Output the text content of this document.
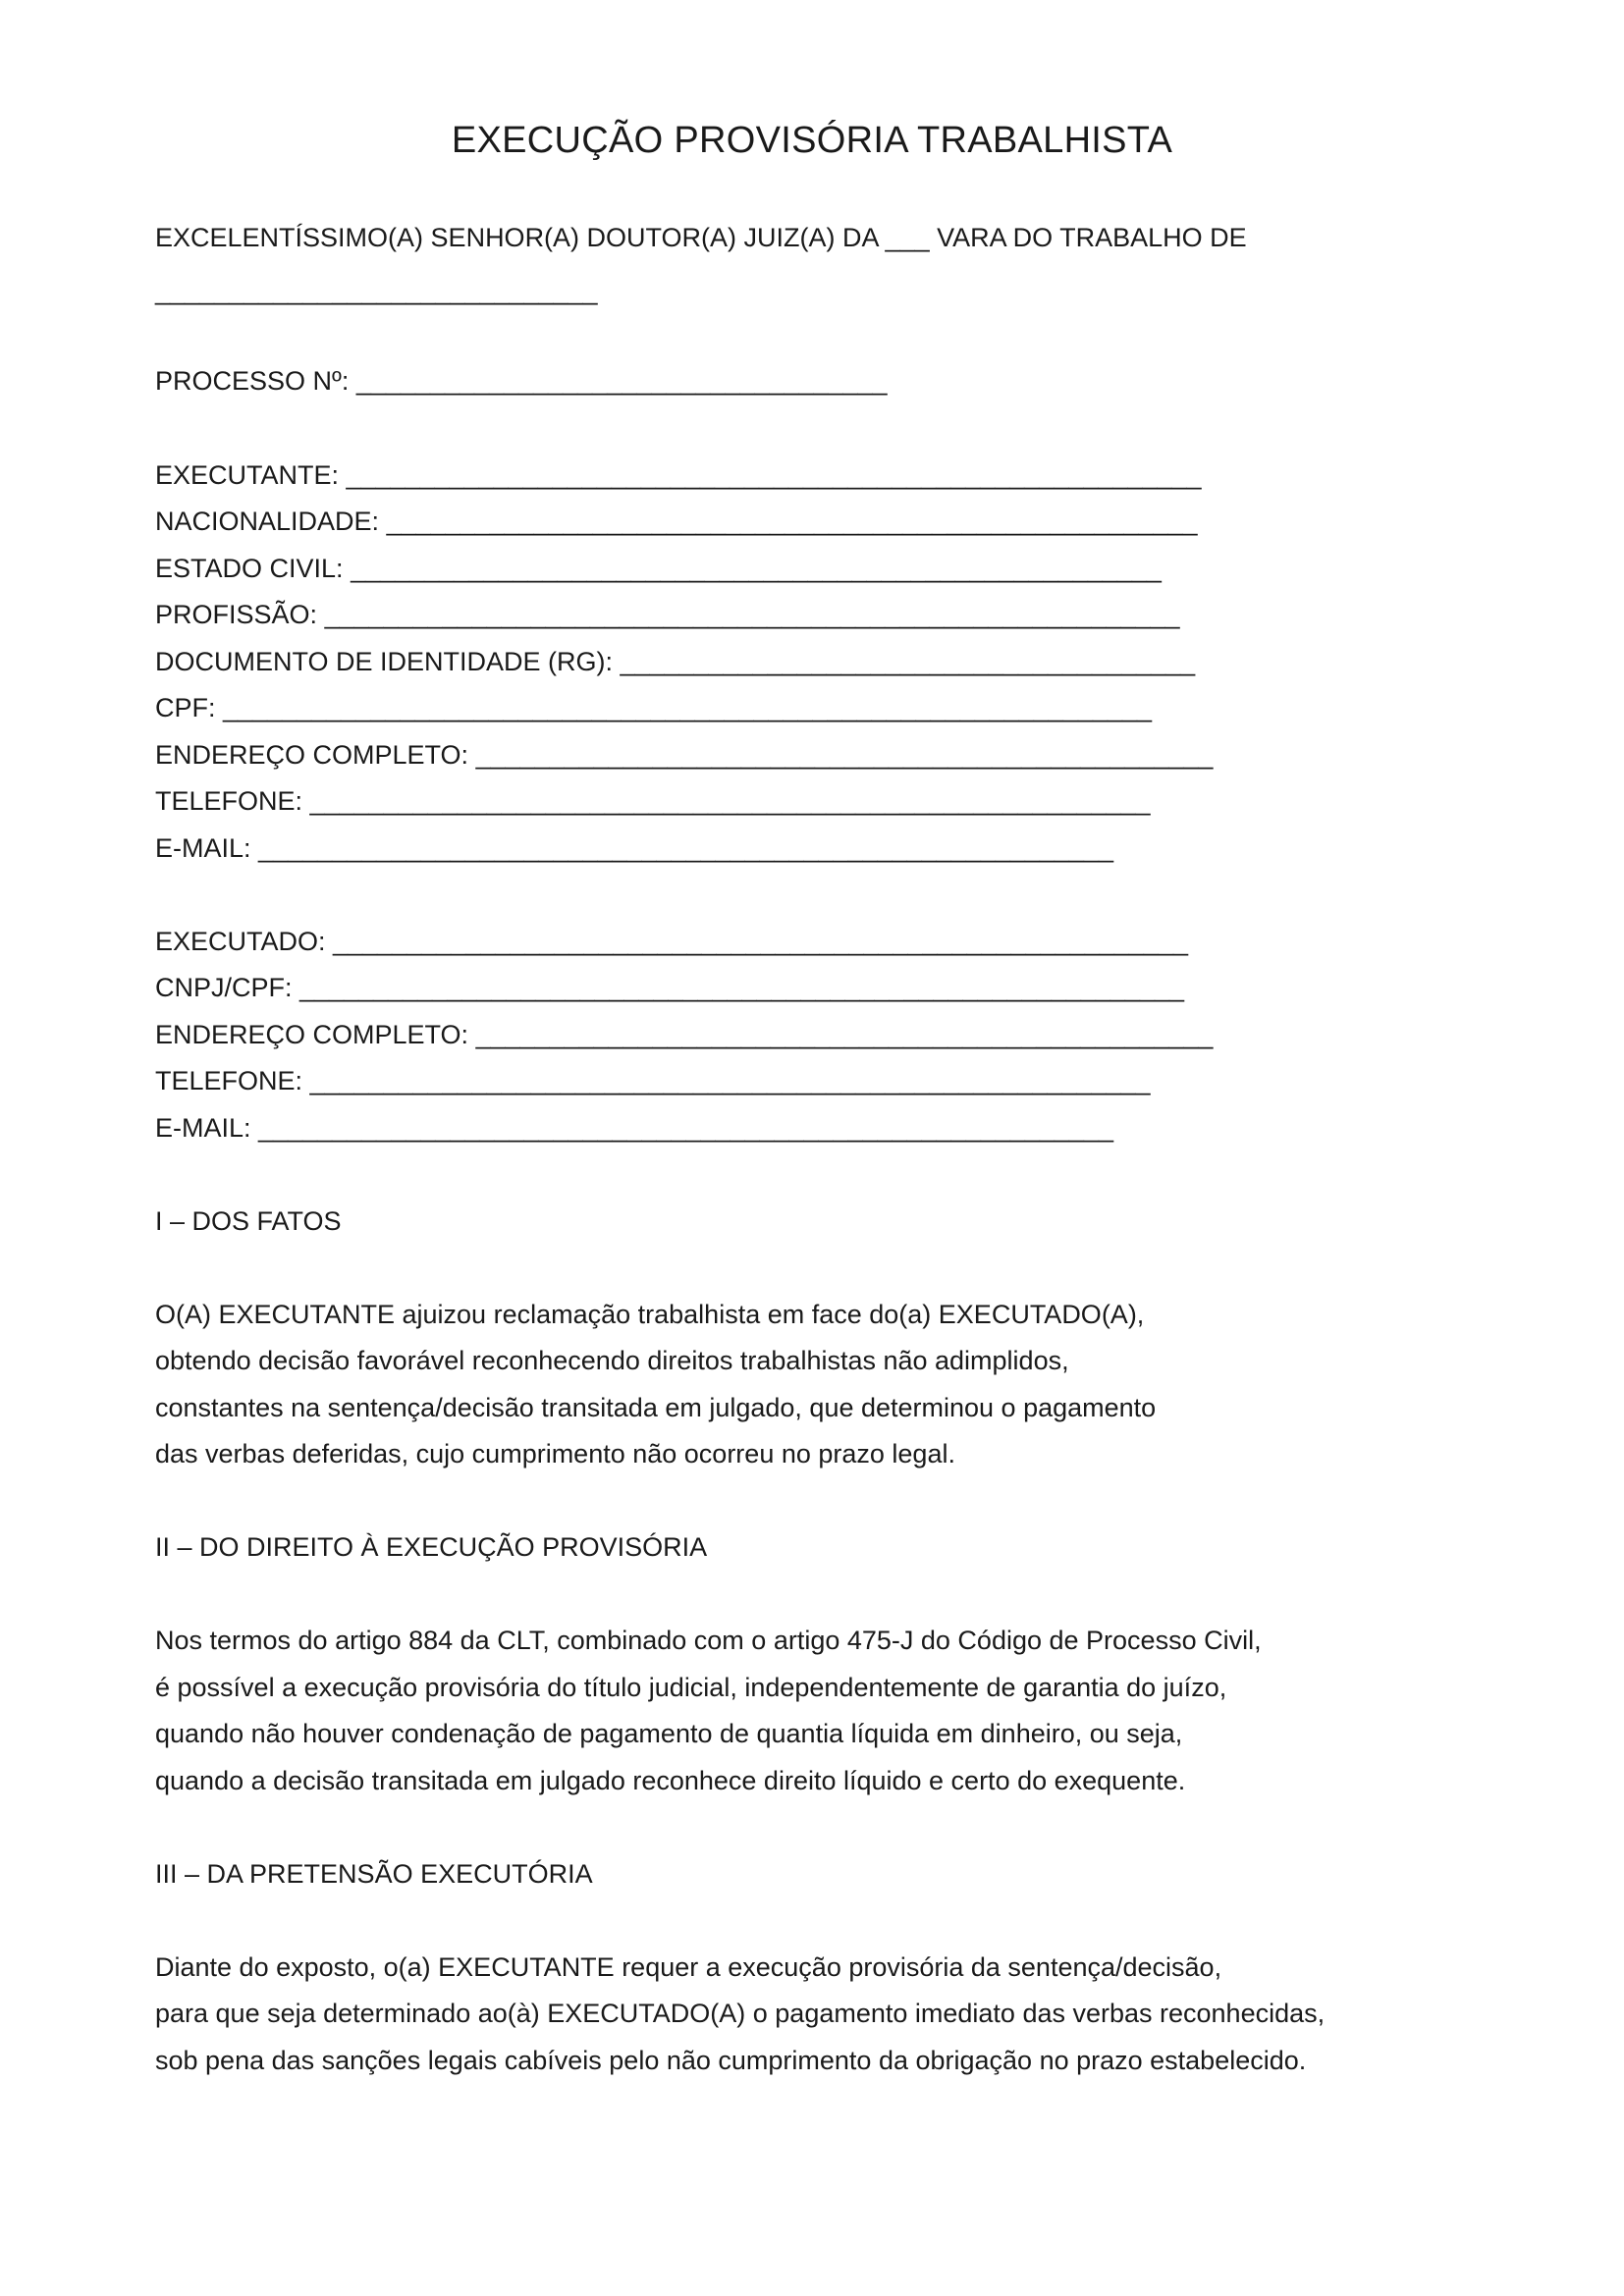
EXECUÇÃO PROVISÓRIA TRABALHISTA
EXCELENTÍSSIMO(A) SENHOR(A) DOUTOR(A) JUIZ(A) DA ___ VARA DO TRABALHO DE
______________________________
PROCESSO Nº: ____________________________________
EXECUTANTE: __________________________________________________________
NACIONALIDADE: _______________________________________________________
ESTADO CIVIL: _______________________________________________________
PROFISSÃO: __________________________________________________________
DOCUMENTO DE IDENTIDADE (RG): _______________________________________
CPF: _______________________________________________________________
ENDEREÇO COMPLETO: __________________________________________________
TELEFONE: _________________________________________________________
E-MAIL: __________________________________________________________
EXECUTADO: __________________________________________________________
CNPJ/CPF: ____________________________________________________________
ENDEREÇO COMPLETO: __________________________________________________
TELEFONE: _________________________________________________________
E-MAIL: __________________________________________________________
I – DOS FATOS
O(A) EXECUTANTE ajuizou reclamação trabalhista em face do(a) EXECUTADO(A),
obtendo decisão favorável reconhecendo direitos trabalhistas não adimplidos,
constantes na sentença/decisão transitada em julgado, que determinou o pagamento
das verbas deferidas, cujo cumprimento não ocorreu no prazo legal.
II – DO DIREITO À EXECUÇÃO PROVISÓRIA
Nos termos do artigo 884 da CLT, combinado com o artigo 475-J do Código de Processo Civil,
é possível a execução provisória do título judicial, independentemente de garantia do juízo,
quando não houver condenação de pagamento de quantia líquida em dinheiro, ou seja,
quando a decisão transitada em julgado reconhece direito líquido e certo do exequente.
III – DA PRETENSÃO EXECUTÓRIA
Diante do exposto, o(a) EXECUTANTE requer a execução provisória da sentença/decisão,
para que seja determinado ao(à) EXECUTADO(A) o pagamento imediato das verbas reconhecidas,
sob pena das sanções legais cabíveis pelo não cumprimento da obrigação no prazo estabelecido.
